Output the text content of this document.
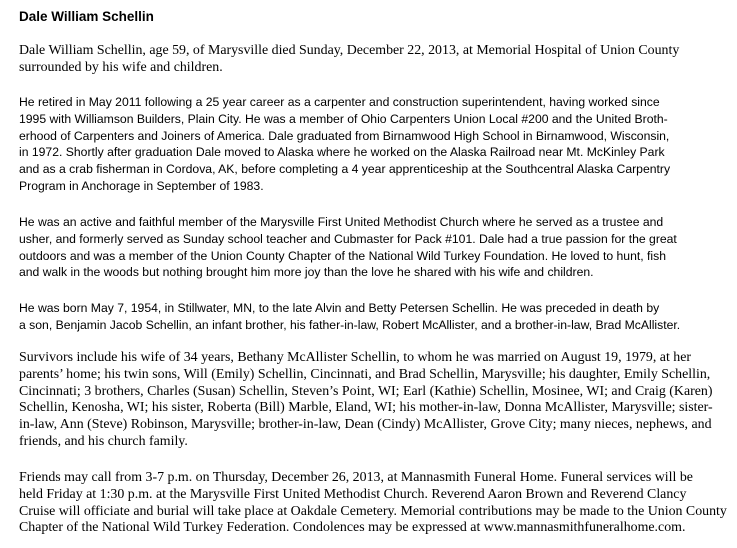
Dale William Schellin
Dale William Schellin, age 59, of Marysville died Sunday, December 22, 2013, at Memorial Hospital of Union County
surrounded by his wife and children.
He retired in May 2011 following a 25 year career as a carpenter and construction superintendent, having worked since
1995 with Williamson Builders, Plain City. He was a member of Ohio Carpenters Union Local #200 and the United Broth-
erhood of Carpenters and Joiners of America. Dale graduated from Birnamwood High School in Birnamwood, Wisconsin,
in 1972. Shortly after graduation Dale moved to Alaska where he worked on the Alaska Railroad near Mt. McKinley Park
and as a crab fisherman in Cordova, AK, before completing a 4 year apprenticeship at the Southcentral Alaska Carpentry
Program in Anchorage in September of 1983.
He was an active and faithful member of the Marysville First United Methodist Church where he served as a trustee and
usher, and formerly served as Sunday school teacher and Cubmaster for Pack #101. Dale had a true passion for the great
outdoors and was a member of the Union County Chapter of the National Wild Turkey Foundation. He loved to hunt, fish
and walk in the woods but nothing brought him more joy than the love he shared with his wife and children.
He was born May 7, 1954, in Stillwater, MN, to the late Alvin and Betty Petersen Schellin. He was preceded in death by
a son, Benjamin Jacob Schellin, an infant brother, his father-in-law, Robert McAllister, and a brother-in-law, Brad McAllister.
Survivors include his wife of 34 years, Bethany McAllister Schellin, to whom he was married on August 19, 1979, at her
parents’ home; his twin sons, Will (Emily) Schellin, Cincinnati, and Brad Schellin, Marysville; his daughter, Emily Schellin,
Cincinnati; 3 brothers, Charles (Susan) Schellin, Steven’s Point, WI; Earl (Kathie) Schellin, Mosinee, WI; and Craig (Karen)
Schellin, Kenosha, WI; his sister, Roberta (Bill) Marble, Eland, WI; his mother-in-law, Donna McAllister, Marysville; sister-
in-law, Ann (Steve) Robinson, Marysville; brother-in-law, Dean (Cindy) McAllister, Grove City; many nieces, nephews, and
friends, and his church family.
Friends may call from 3-7 p.m. on Thursday, December 26, 2013, at Mannasmith Funeral Home. Funeral services will be
held Friday at 1:30 p.m. at the Marysville First United Methodist Church. Reverend Aaron Brown and Reverend Clancy
Cruise will officiate and burial will take place at Oakdale Cemetery. Memorial contributions may be made to the Union County
Chapter of the National Wild Turkey Federation. Condolences may be expressed at www.mannasmithfuneralhome.com.
